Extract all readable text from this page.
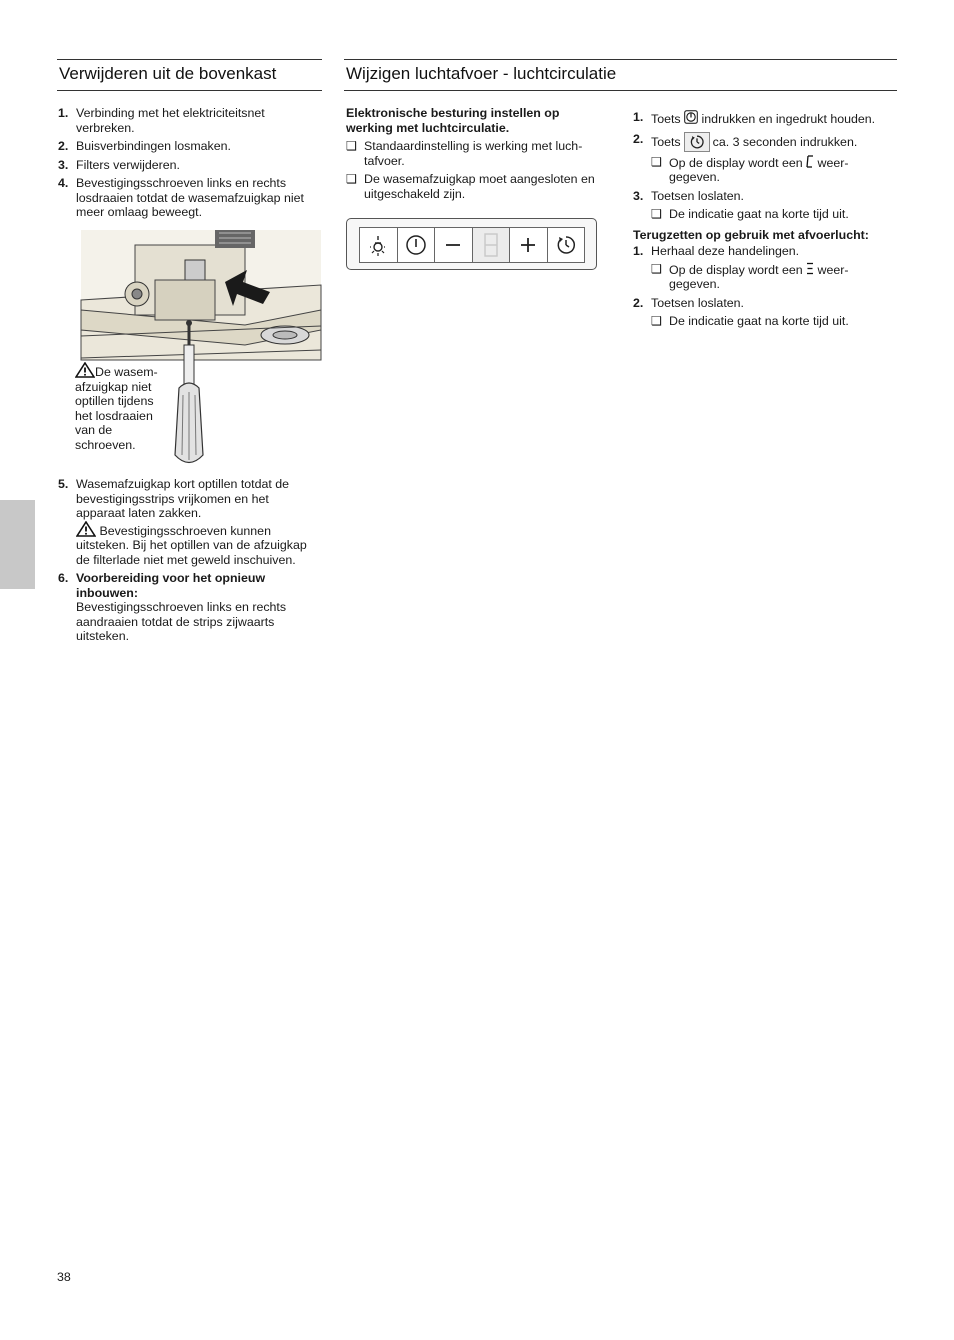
Verwijderen uit de bovenkast
1. Verbinding met het elektriciteitsnet verbreken.
2. Buisverbindingen losmaken.
3. Filters verwijderen.
4. Bevestigingsschroeven links en rechts losdraaien totdat de wasemafzuigkap niet meer omlaag beweegt.
De wasem-afzuigkap niet optillen tijdens het losdraaien van de schroeven.
5. Wasemafzuigkap kort optillen totdat de bevestigingsstrips vrijkomen en het apparaat laten zakken.
Bevestigingsschroeven kunnen uitsteken. Bij het optillen van de afzuigkap de filterlade niet met geweld inschuiven.
6. Voorbereiding voor het opnieuw inbouwen:
Bevestigingsschroeven links en rechts aandraaien totdat de strips zijwaarts uitsteken.
Wijzigen luchtafvoer - luchtcirculatie
Elektronische besturing instellen op werking met luchtcirculatie.
❑ Standaardinstelling is werking met luch-tafvoer.
❑ De wasemafzuigkap moet aangesloten en uitgeschakeld zijn.
1. Toets indrukken en ingedrukt houden.
2. Toets	ca. 3 seconden indrukken.
❑ Op de display wordt een weer-gegeven.
3. Toetsen loslaten.
❑ De indicatie gaat na korte tijd uit.
Terugzetten op gebruik met afvoerlucht:
1. Herhaal deze handelingen.
❑ Op de display wordt een weer-gegeven.
2. Toetsen loslaten.
❑ De indicatie gaat na korte tijd uit.
38
